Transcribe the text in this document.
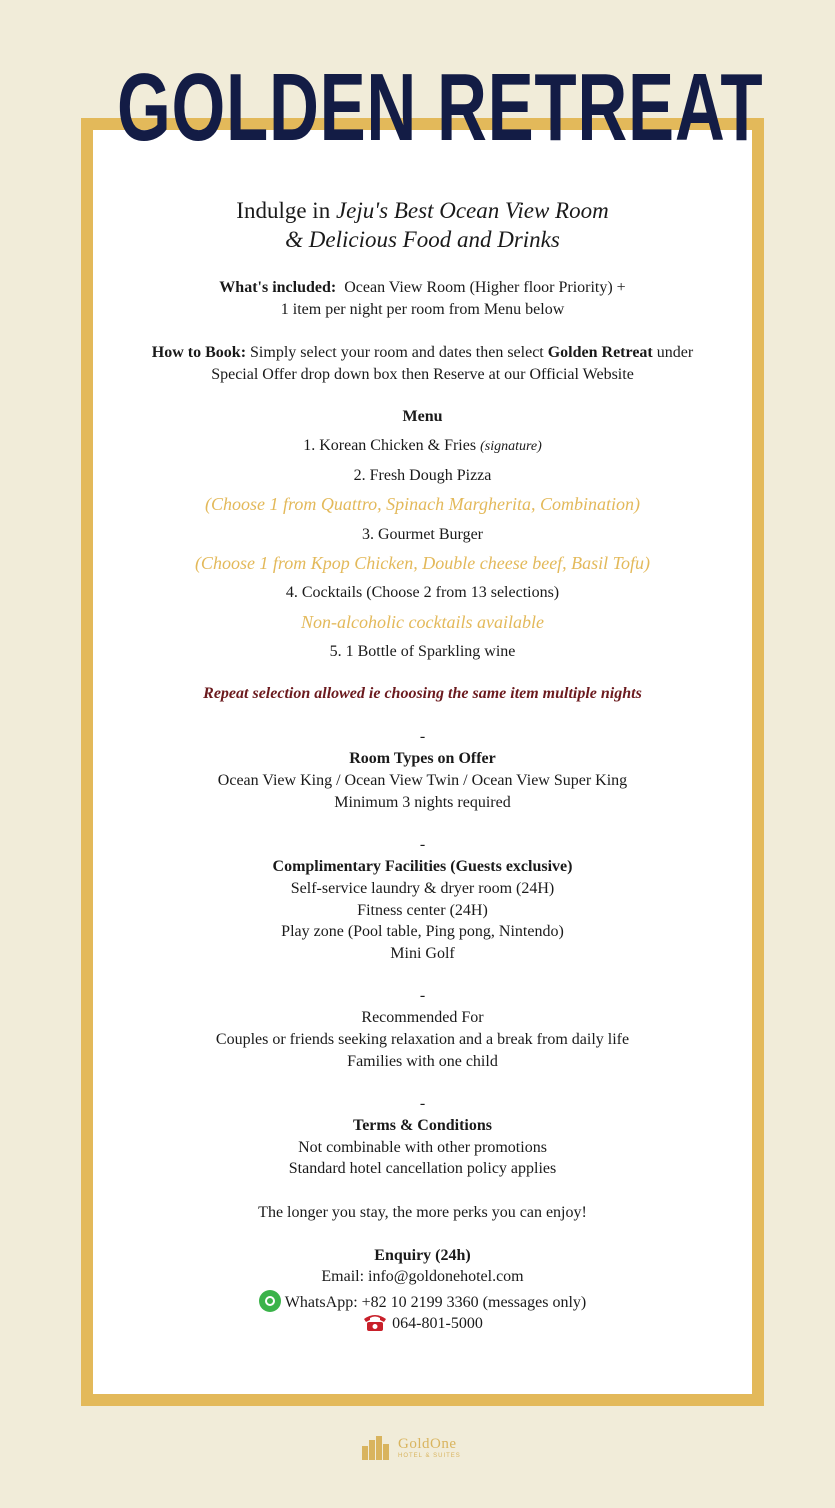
GOLDEN RETREAT
Indulge in Jeju's Best Ocean View Room
& Delicious Food and Drinks
What's included: Ocean View Room (Higher floor Priority) +
1 item per night per room from Menu below
How to Book: Simply select your room and dates then select Golden Retreat under
Special Offer drop down box then Reserve at our Official Website
Menu
1. Korean Chicken & Fries (signature)
2. Fresh Dough Pizza
(Choose 1 from Quattro, Spinach Margherita, Combination)
3. Gourmet Burger
(Choose 1 from Kpop Chicken, Double cheese beef, Basil Tofu)
4. Cocktails (Choose 2 from 13 selections)
Non-alcoholic cocktails available
5. 1 Bottle of Sparkling wine
Repeat selection allowed ie choosing the same item multiple nights
-
Room Types on Offer
Ocean View King / Ocean View Twin / Ocean View Super King
Minimum 3 nights required
-
Complimentary Facilities (Guests exclusive)
Self-service laundry & dryer room (24H)
Fitness center (24H)
Play zone (Pool table, Ping pong, Nintendo)
Mini Golf
-
Recommended For
Couples or friends seeking relaxation and a break from daily life
Families with one child
-
Terms & Conditions
Not combinable with other promotions
Standard hotel cancellation policy applies
The longer you stay, the more perks you can enjoy!
Enquiry (24h)
Email: info@goldonehotel.com
WhatsApp: +82 10 2199 3360 (messages only)
064-801-5000
GoldOne
HOTEL & SUITES
